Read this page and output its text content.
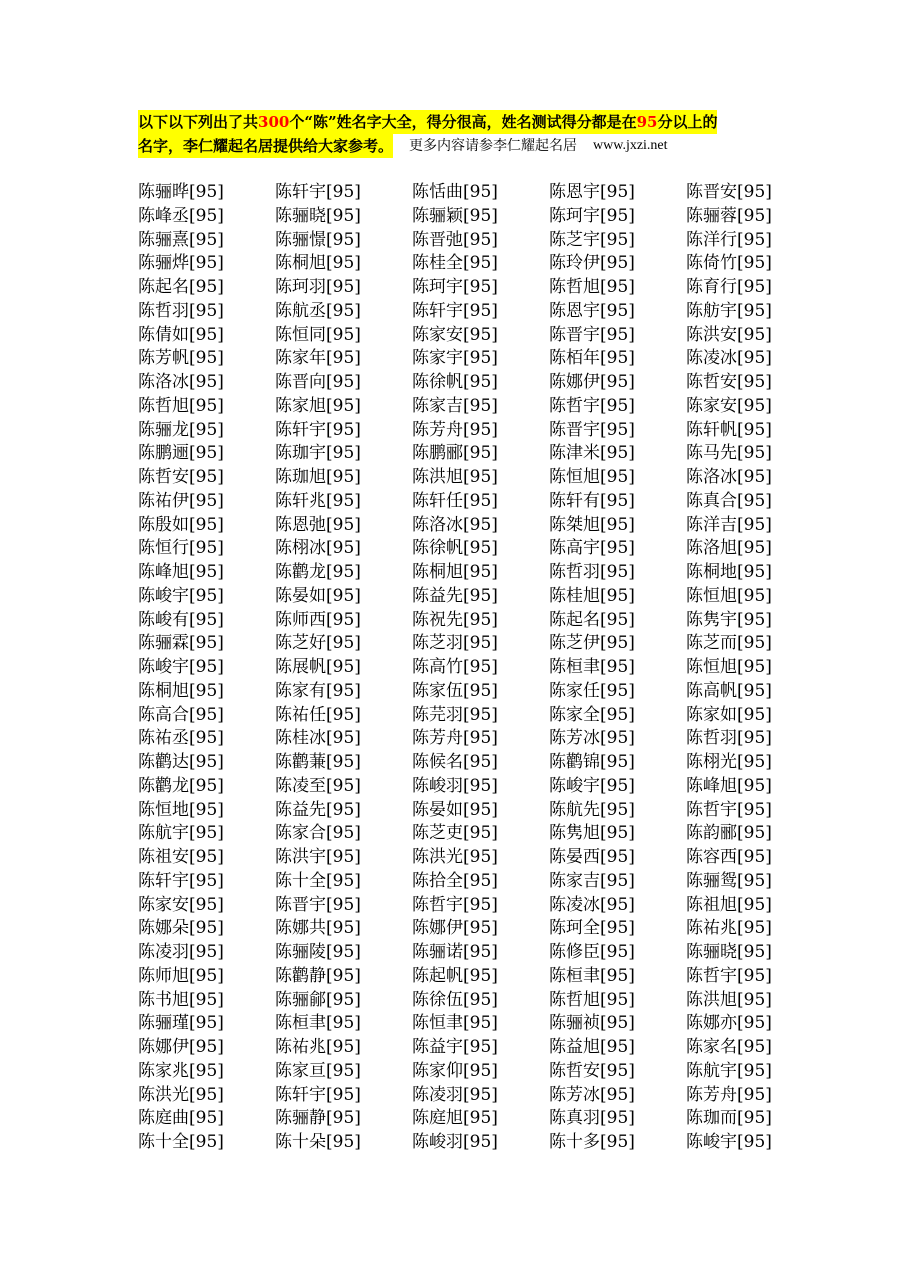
以下以下列出了共300个“陈”姓名字大全，得分很高，姓名测试得分都是在95分以上的
名字，李仁耀起名居提供给大家参考。 更多内容请参李仁耀起名居 www.jxzi.net
陈骊晔[95]	陈轩宇[95]	陈恬曲[95]	陈恩宇[95]	陈晋安[95]
陈峰丞[95]	陈骊晓[95]	陈骊颖[95]	陈珂宇[95]	陈骊蓉[95]
陈骊熹[95]	陈骊憬[95]	陈晋弛[95]	陈芝宇[95]	陈洋行[95]
陈骊烨[95]	陈桐旭[95]	陈桂全[95]	陈玲伊[95]	陈倚竹[95]
陈起名[95]	陈珂羽[95]	陈珂宇[95]	陈哲旭[95]	陈育行[95]
陈哲羽[95]	陈航丞[95]	陈轩宇[95]	陈恩宇[95]	陈舫宇[95]
陈倩如[95]	陈恒同[95]	陈家安[95]	陈晋宇[95]	陈洪安[95]
陈芳帆[95]	陈家年[95]	陈家宇[95]	陈栢年[95]	陈凌冰[95]
陈洛冰[95]	陈晋向[95]	陈徐帆[95]	陈娜伊[95]	陈哲安[95]
陈哲旭[95]	陈家旭[95]	陈家吉[95]	陈哲宇[95]	陈家安[95]
陈骊龙[95]	陈轩宇[95]	陈芳舟[95]	陈晋宇[95]	陈轩帆[95]
陈鹏逦[95]	陈珈宇[95]	陈鹏郦[95]	陈津米[95]	陈马先[95]
陈哲安[95]	陈珈旭[95]	陈洪旭[95]	陈恒旭[95]	陈洛冰[95]
陈祐伊[95]	陈轩兆[95]	陈轩任[95]	陈轩有[95]	陈真合[95]
陈殷如[95]	陈恩弛[95]	陈洛冰[95]	陈桀旭[95]	陈洋吉[95]
陈恒行[95]	陈栩冰[95]	陈徐帆[95]	陈高宇[95]	陈洛旭[95]
陈峰旭[95]	陈鹳龙[95]	陈桐旭[95]	陈哲羽[95]	陈桐地[95]
陈峻宇[95]	陈晏如[95]	陈益先[95]	陈桂旭[95]	陈恒旭[95]
陈峻有[95]	陈师西[95]	陈祝先[95]	陈起名[95]	陈隽宇[95]
陈骊霖[95]	陈芝好[95]	陈芝羽[95]	陈芝伊[95]	陈芝而[95]
陈峻宇[95]	陈展帆[95]	陈高竹[95]	陈桓聿[95]	陈恒旭[95]
陈桐旭[95]	陈家有[95]	陈家伍[95]	陈家任[95]	陈高帆[95]
陈高合[95]	陈祐任[95]	陈芫羽[95]	陈家全[95]	陈家如[95]
陈祐丞[95]	陈桂冰[95]	陈芳舟[95]	陈芳冰[95]	陈哲羽[95]
陈鹳达[95]	陈鹳蒹[95]	陈候名[95]	陈鹳锦[95]	陈栩光[95]
陈鹳龙[95]	陈凌至[95]	陈峻羽[95]	陈峻宇[95]	陈峰旭[95]
陈恒地[95]	陈益先[95]	陈晏如[95]	陈航先[95]	陈哲宇[95]
陈航宇[95]	陈家合[95]	陈芝吏[95]	陈隽旭[95]	陈韵郦[95]
陈祖安[95]	陈洪宇[95]	陈洪光[95]	陈晏西[95]	陈容西[95]
陈轩宇[95]	陈十全[95]	陈拾全[95]	陈家吉[95]	陈骊鸳[95]
陈家安[95]	陈晋宇[95]	陈哲宇[95]	陈凌冰[95]	陈祖旭[95]
陈娜朵[95]	陈娜共[95]	陈娜伊[95]	陈珂全[95]	陈祐兆[95]
陈凌羽[95]	陈骊陵[95]	陈骊诺[95]	陈修臣[95]	陈骊晓[95]
陈师旭[95]	陈鹳静[95]	陈起帆[95]	陈桓聿[95]	陈哲宇[95]
陈书旭[95]	陈骊鄃[95]	陈徐伍[95]	陈哲旭[95]	陈洪旭[95]
陈骊瑾[95]	陈桓聿[95]	陈恒聿[95]	陈骊祯[95]	陈娜亦[95]
陈娜伊[95]	陈祐兆[95]	陈益宇[95]	陈益旭[95]	陈家名[95]
陈家兆[95]	陈家亘[95]	陈家仰[95]	陈哲安[95]	陈航宇[95]
陈洪光[95]	陈轩宇[95]	陈凌羽[95]	陈芳冰[95]	陈芳舟[95]
陈庭曲[95]	陈骊静[95]	陈庭旭[95]	陈真羽[95]	陈珈而[95]
陈十全[95]	陈十朵[95]	陈峻羽[95]	陈十多[95]	陈峻宇[95]
